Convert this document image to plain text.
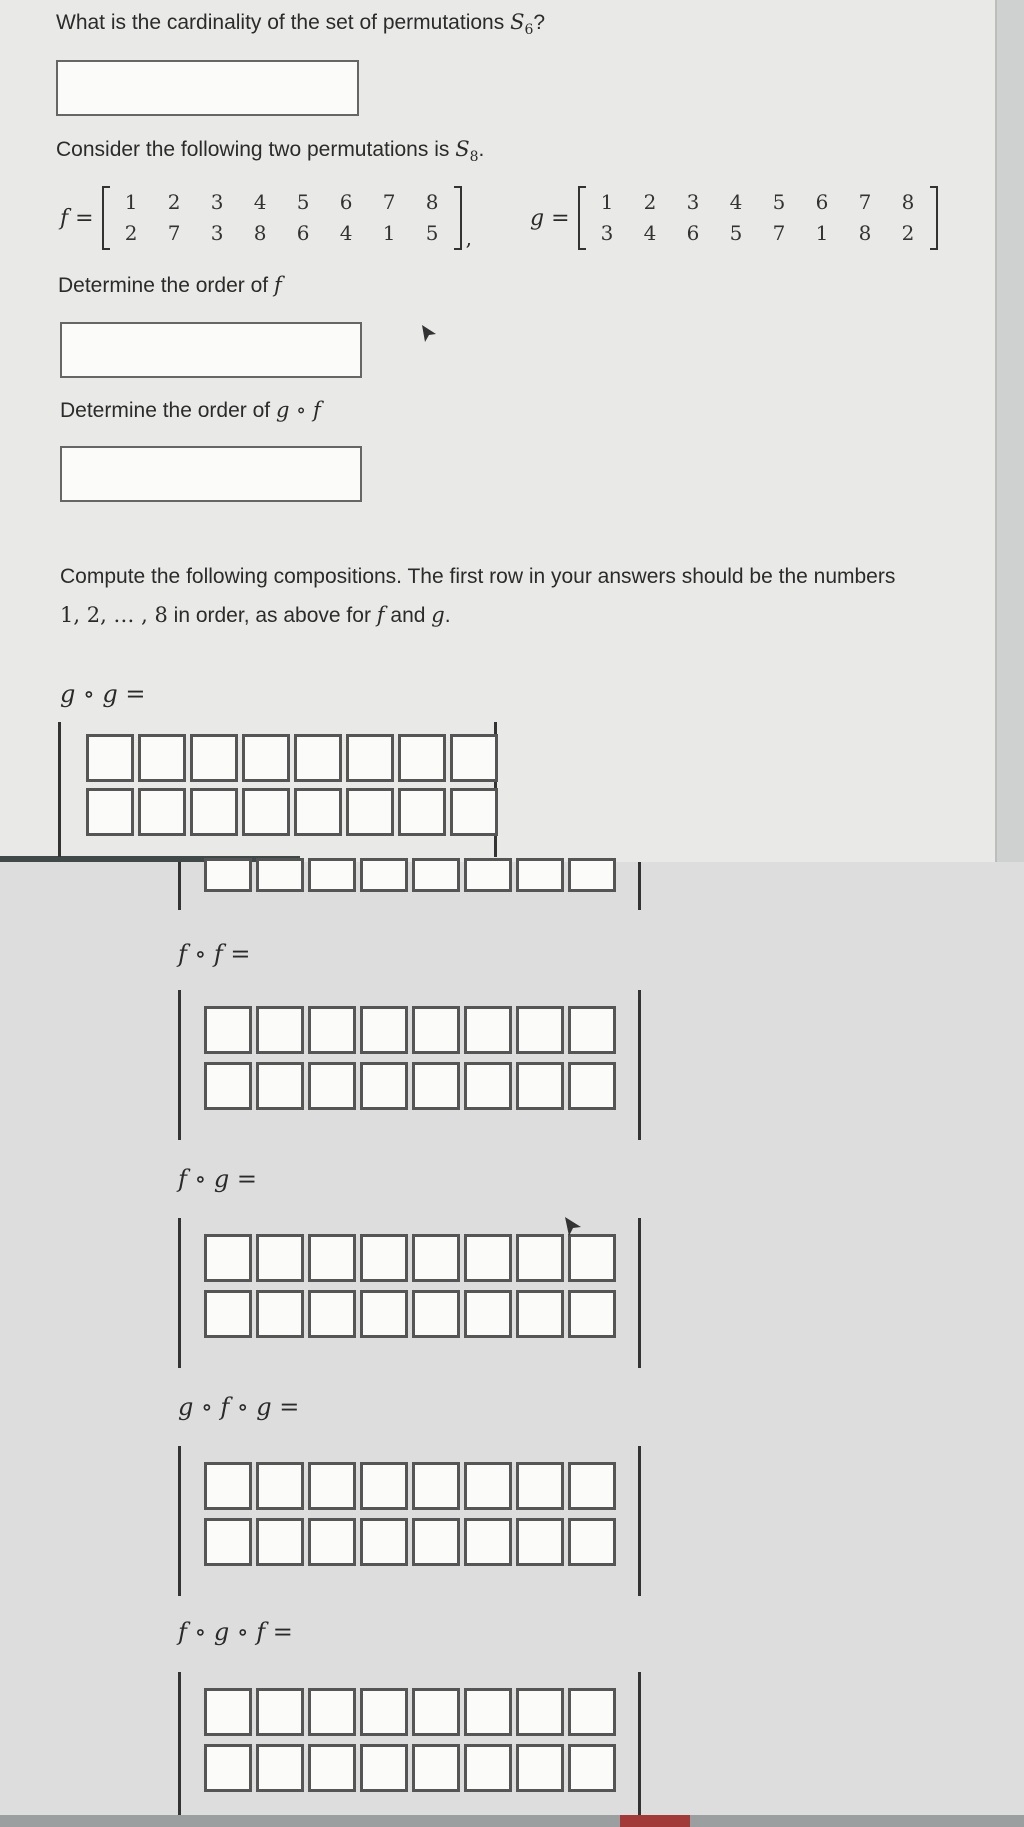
What is the cardinality of the set of permutations $S_6$?
Consider the following two permutations is $S_8$.
f =
1	2	3	4	5	6	7	8
2	7	3	8	6	4	1	5	,
g =
1	2	3	4	5	6	7	8
3	4	6	5	7	1	8	2
Determine the order of f
Determine the order of g ∘ f
Compute the following compositions. The first row in your answers should be the numbers
1, 2, … , 8 in order, as above for f and g.
g ∘ g =
f ∘ f =
f ∘ g =
g ∘ f ∘ g =
f ∘ g ∘ f =
